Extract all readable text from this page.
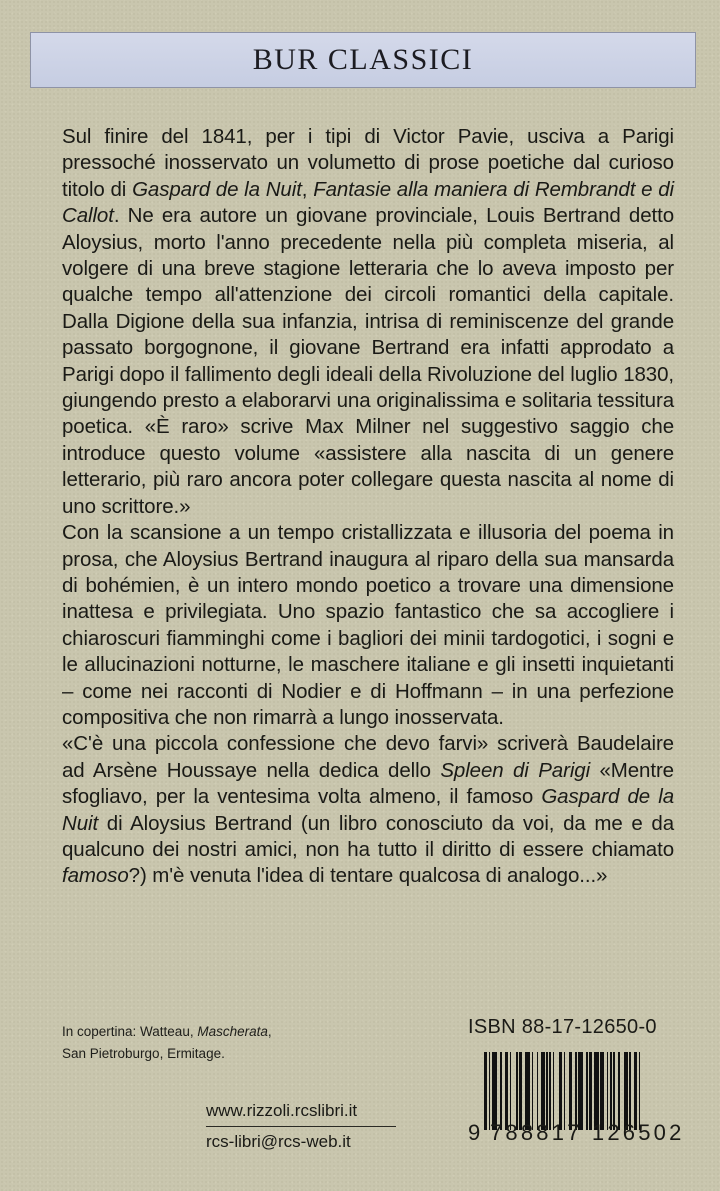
BUR CLASSICI

Sul finire del 1841, per i tipi di Victor Pavie, usciva a Parigi pressoché inosservato un volumetto di prose poetiche dal curioso titolo di Gaspard de la Nuit, Fantasie alla maniera di Rembrandt e di Callot. Ne era autore un giovane provinciale, Louis Bertrand detto Aloysius, morto l'anno precedente nella più completa miseria, al volgere di una breve stagione letteraria che lo aveva imposto per qualche tempo all'attenzione dei circoli romantici della capitale. Dalla Digione della sua infanzia, intrisa di reminiscenze del grande passato borgognone, il giovane Bertrand era infatti approdato a Parigi dopo il fallimento degli ideali della Rivoluzione del luglio 1830, giungendo presto a elaborarvi una originalissima e solitaria tessitura poetica. «È raro» scrive Max Milner nel suggestivo saggio che introduce questo volume «assistere alla nascita di un genere letterario, più raro ancora poter collegare questa nascita al nome di uno scrittore.»

Con la scansione a un tempo cristallizzata e illusoria del poema in prosa, che Aloysius Bertrand inaugura al riparo della sua mansarda di bohémien, è un intero mondo poetico a trovare una dimensione inattesa e privilegiata. Uno spazio fantastico che sa accogliere i chiaroscuri fiamminghi come i bagliori dei minii tardogotici, i sogni e le allucinazioni notturne, le maschere italiane e gli insetti inquietanti – come nei racconti di Nodier e di Hoffmann – in una perfezione compositiva che non rimarrà a lungo inosservata.

«C'è una piccola confessione che devo farvi» scriverà Baudelaire ad Arsène Houssaye nella dedica dello Spleen di Parigi «Mentre sfogliavo, per la ventesima volta almeno, il famoso Gaspard de la Nuit di Aloysius Bertrand (un libro conosciuto da voi, da me e da qualcuno dei nostri amici, non ha tutto il diritto di essere chiamato famoso?) m'è venuta l'idea di tentare qualcosa di analogo...»

In copertina: Watteau, Mascherata,
San Pietroburgo, Ermitage.
ISBN 88-17-12650-0
www.rizzoli.rcslibri.it
rcs-libri@rcs-web.it	9 788817 126502
